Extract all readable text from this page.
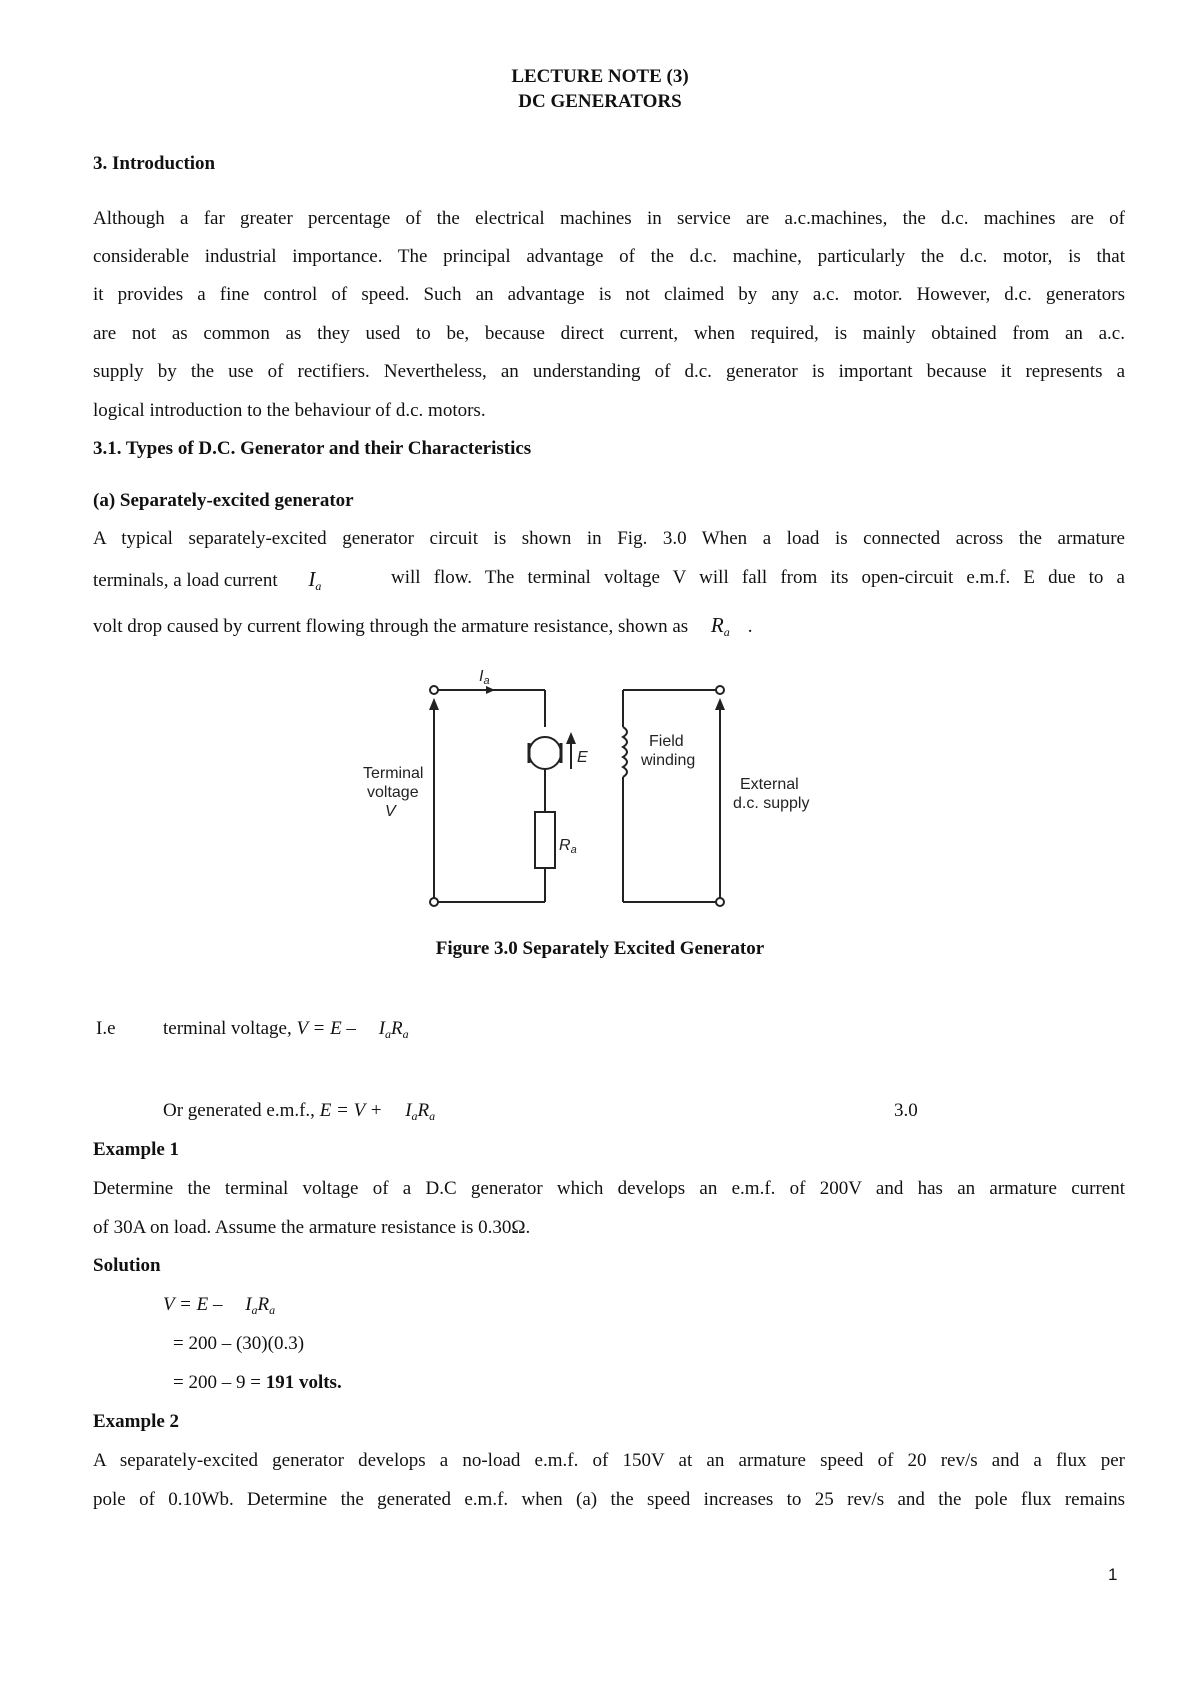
LECTURE NOTE (3)
DC GENERATORS
3. Introduction
Although a far greater percentage of the electrical machines in service are a.c.machines, the d.c. machines are of
considerable industrial importance. The principal advantage of the d.c. machine, particularly the d.c. motor, is that
it provides a fine control of speed. Such an advantage is not claimed by any a.c. motor. However, d.c. generators
are not as common as they used to be, because direct current, when required, is mainly obtained from an a.c.
supply by the use of rectifiers. Nevertheless, an understanding of d.c. generator is important because it represents a
logical introduction to the behaviour of d.c. motors.
3.1. Types of D.C. Generator and their Characteristics
(a) Separately-excited generator
A typical separately-excited generator circuit is shown in Fig. 3.0 When a load is connected across the armature
terminals, a load current Ia	will flow. The terminal voltage V will fall from its open-circuit e.m.f. E due to a
volt drop caused by current flowing through the armature resistance, shown as Ra .
Ia
E
Ra
Terminal
voltage
V
Field
winding
External
d.c. supply
Figure 3.0 Separately Excited Generator
I.e terminal voltage, $V = E - I_aR_a$
Or generated e.m.f., $E = V + I_aR_a$	3.0
Example 1
Determine the terminal voltage of a D.C generator which develops an e.m.f. of 200V and has an armature current
of 30A on load. Assume the armature resistance is 0.30Ω.
Solution
$V = E - I_aR_a$
= 200 – (30)(0.3)
= 200 – 9 = 191 volts.
Example 2
A separately-excited generator develops a no-load e.m.f. of 150V at an armature speed of 20 rev/s and a flux per
pole of 0.10Wb. Determine the generated e.m.f. when (a) the speed increases to 25 rev/s and the pole flux remains
1
